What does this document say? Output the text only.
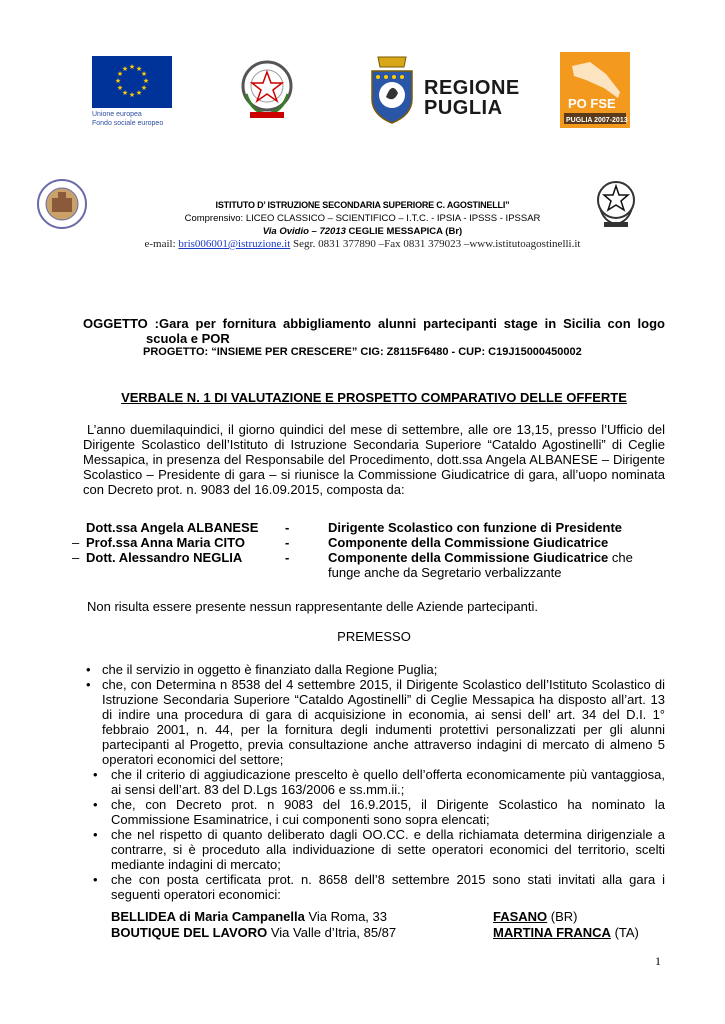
★ ★
★
★
★
★
★
★
★
★
★
★
Unione europea
Fondo sociale europeo
REGIONE
PUGLIA	PO FSE
PUGLIA 2007-2013
ISTITUTO D’ ISTRUZIONE SECONDARIA SUPERIORE C. AGOSTINELLI”
Comprensivo: LICEO CLASSICO – SCIENTIFICO – I.T.C. - IPSIA - IPSSS - IPSSAR
Via Ovidio – 72013 CEGLIE MESSAPICA (Br)
e-mail: bris006001@istruzione.it Segr. 0831 377890 –Fax 0831 379023 –www.istitutoagostinelli.it
OGGETTO :Gara per fornitura abbigliamento alunni partecipanti stage in Sicilia con logo
scuola e POR
PROGETTO: “INSIEME PER CRESCERE” CIG: Z8115F6480 - CUP: C19J15000450002
VERBALE N. 1 DI VALUTAZIONE E PROSPETTO COMPARATIVO DELLE OFFERTE
L’anno duemilaquindici, il giorno quindici del mese di settembre, alle ore 13,15, presso l’Ufficio del Dirigente Scolastico dell’Istituto di Istruzione Secondaria Superiore “Cataldo Agostinelli” di Ceglie Messapica, in presenza del Responsabile del Procedimento, dott.ssa Angela ALBANESE – Dirigente Scolastico – Presidente di gara – si riunisce la Commissione Giudicatrice di gara, all’uopo nominata con Decreto prot. n. 9083 del 16.09.2015, composta da:
Dott.ssa Angela ALBANESE -	Dirigente Scolastico con funzione di Presidente
– Prof.ssa Anna Maria CITO	-	Componente della Commissione Giudicatrice
– Dott. Alessandro NEGLIA	-	Componente della Commissione Giudicatrice che
funge anche da Segretario verbalizzante
Non risulta essere presente nessun rappresentante delle Aziende partecipanti.
PREMESSO
• che il servizio in oggetto è finanziato dalla Regione Puglia;
• che, con Determina n 8538 del 4 settembre 2015, il Dirigente Scolastico dell’Istituto Scolastico di Istruzione Secondaria Superiore “Cataldo Agostinelli” di Ceglie Messapica ha disposto all’art. 13 di indire una procedura di gara di acquisizione in economia, ai sensi dell’ art. 34 del D.I. 1° febbraio 2001, n. 44, per la fornitura degli indumenti protettivi personalizzati per gli alunni partecipanti al Progetto, previa consultazione anche attraverso indagini di mercato di almeno 5 operatori economici del settore;
• che il criterio di aggiudicazione prescelto è quello dell’offerta economicamente più vantaggiosa, ai sensi dell’art. 83 del D.Lgs 163/2006 e ss.mm.ii.;
• che, con Decreto prot. n 9083 del 16.9.2015, il Dirigente Scolastico ha nominato la Commissione Esaminatrice, i cui componenti sono sopra elencati;
• che nel rispetto di quanto deliberato dagli OO.CC. e della richiamata determina dirigenziale a contrarre, si è proceduto alla individuazione di sette operatori economici del territorio, scelti mediante indagini di mercato;
• che con posta certificata prot. n. 8658 dell’8 settembre 2015 sono stati invitati alla gara i seguenti operatori economici:
BELLIDEA di Maria Campanella Via Roma, 33	FASANO (BR)
BOUTIQUE DEL LAVORO Via Valle d’Itria, 85/87	MARTINA FRANCA (TA)
1
